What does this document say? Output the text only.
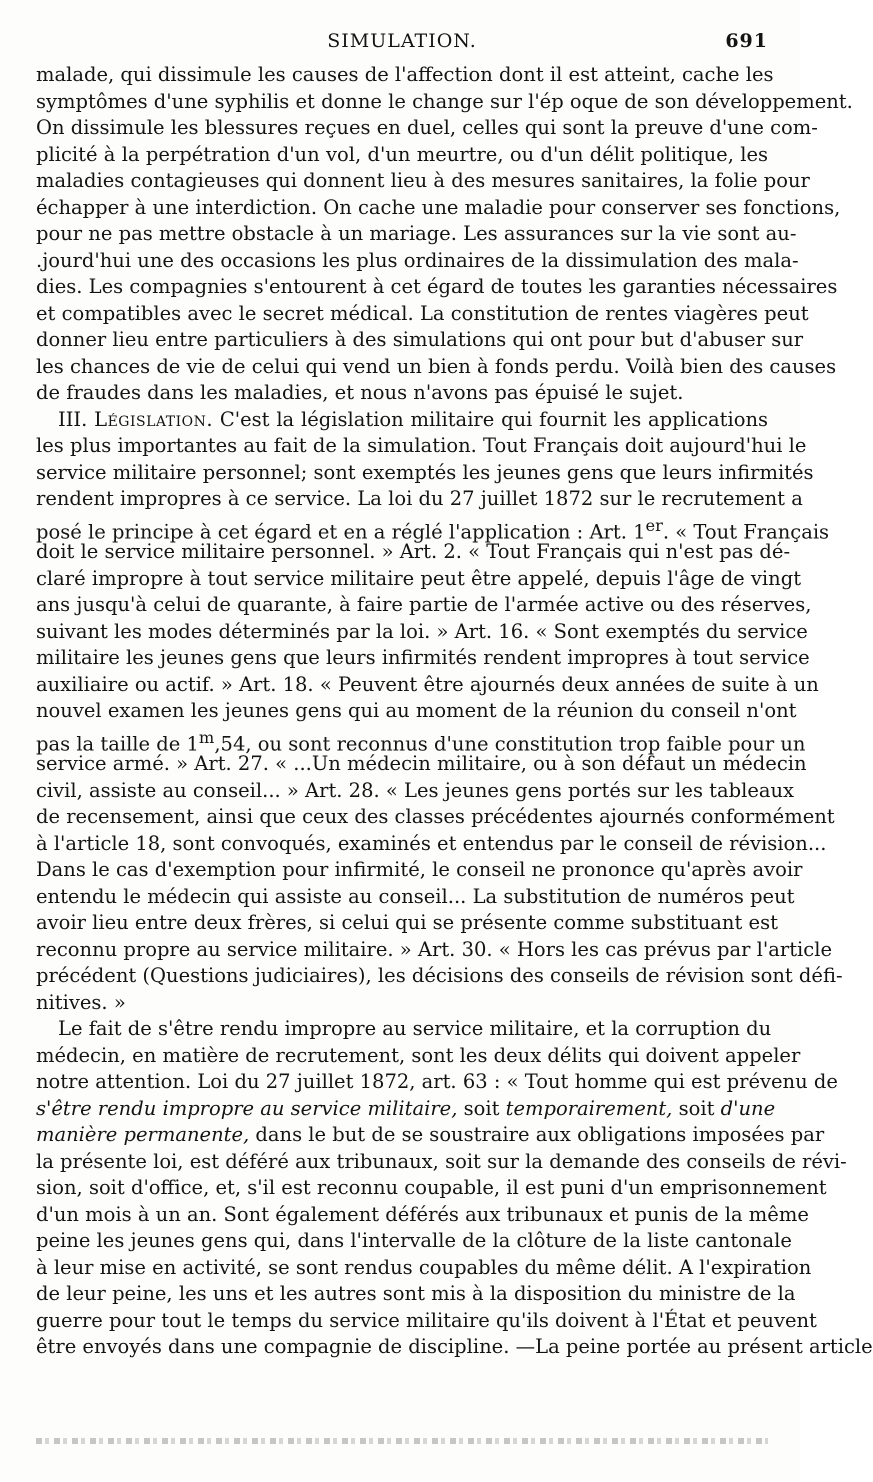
SIMULATION.	691
malade, qui dissimule les causes de l'affection dont il est atteint, cache les
symptômes d'une syphilis et donne le change sur l'ép oque de son développement.
On dissimule les blessures reçues en duel, celles qui sont la preuve d'une com-
plicité à la perpétration d'un vol, d'un meurtre, ou d'un délit politique, les
maladies contagieuses qui donnent lieu à des mesures sanitaires, la folie pour
échapper à une interdiction. On cache une maladie pour conserver ses fonctions,
pour ne pas mettre obstacle à un mariage. Les assurances sur la vie sont au-
.jourd'hui une des occasions les plus ordinaires de la dissimulation des mala-
dies. Les compagnies s'entourent à cet égard de toutes les garanties nécessaires
et compatibles avec le secret médical. La constitution de rentes viagères peut
donner lieu entre particuliers à des simulations qui ont pour but d'abuser sur
les chances de vie de celui qui vend un bien à fonds perdu. Voilà bien des causes
de fraudes dans les maladies, et nous n'avons pas épuisé le sujet.
III. Législation. C'est la législation militaire qui fournit les applications
les plus importantes au fait de la simulation. Tout Français doit aujourd'hui le
service militaire personnel; sont exemptés les jeunes gens que leurs infirmités
rendent impropres à ce service. La loi du 27 juillet 1872 sur le recrutement a
posé le principe à cet égard et en a réglé l'application : Art. 1er. « Tout Français
doit le service militaire personnel. » Art. 2. « Tout Français qui n'est pas dé-
claré impropre à tout service militaire peut être appelé, depuis l'âge de vingt
ans jusqu'à celui de quarante, à faire partie de l'armée active ou des réserves,
suivant les modes déterminés par la loi. » Art. 16. « Sont exemptés du service
militaire les jeunes gens que leurs infirmités rendent impropres à tout service
auxiliaire ou actif. » Art. 18. « Peuvent être ajournés deux années de suite à un
nouvel examen les jeunes gens qui au moment de la réunion du conseil n'ont
pas la taille de 1$^m$,54, ou sont reconnus d'une constitution trop faible pour un
service armé. » Art. 27. « ...Un médecin militaire, ou à son défaut un médecin
civil, assiste au conseil... » Art. 28. « Les jeunes gens portés sur les tableaux
de recensement, ainsi que ceux des classes précédentes ajournés conformément
à l'article 18, sont convoqués, examinés et entendus par le conseil de révision...
Dans le cas d'exemption pour infirmité, le conseil ne prononce qu'après avoir
entendu le médecin qui assiste au conseil... La substitution de numéros peut
avoir lieu entre deux frères, si celui qui se présente comme substituant est
reconnu propre au service militaire. » Art. 30. « Hors les cas prévus par l'article
précédent (Questions judiciaires), les décisions des conseils de révision sont défi-
nitives. »
Le fait de s'être rendu impropre au service militaire, et la corruption du
médecin, en matière de recrutement, sont les deux délits qui doivent appeler
notre attention. Loi du 27 juillet 1872, art. 63 : « Tout homme qui est prévenu de
s'être rendu impropre au service militaire, soit temporairement, soit d'une
manière permanente, dans le but de se soustraire aux obligations imposées par
la présente loi, est déféré aux tribunaux, soit sur la demande des conseils de révi-
sion, soit d'office, et, s'il est reconnu coupable, il est puni d'un emprisonnement
d'un mois à un an. Sont également déférés aux tribunaux et punis de la même
peine les jeunes gens qui, dans l'intervalle de la clôture de la liste cantonale
à leur mise en activité, se sont rendus coupables du même délit. A l'expiration
de leur peine, les uns et les autres sont mis à la disposition du ministre de la
guerre pour tout le temps du service militaire qu'ils doivent à l'État et peuvent
être envoyés dans une compagnie de discipline. —La peine portée au présent article
